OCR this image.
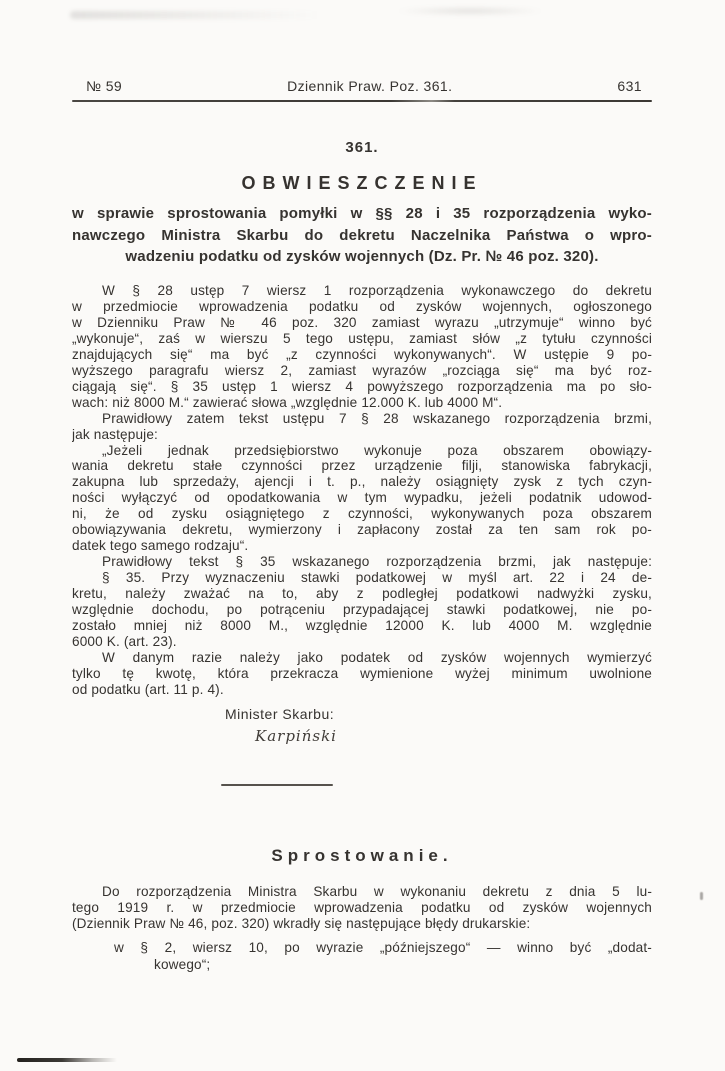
№ 59	Dziennik Praw. Poz. 361.	631
361.
OBWIESZCZENIE
w sprawie sprostowania pomyłki w §§ 28 i 35 rozporządzenia wyko-
nawczego Ministra Skarbu do dekretu Naczelnika Państwa o wpro-
wadzeniu podatku od zysków wojennych (Dz. Pr. № 46 poz. 320).
W § 28 ustęp 7 wiersz 1 rozporządzenia wykonawczego do dekretu
w przedmiocie wprowadzenia podatku od zysków wojennych, ogłoszonego
w Dzienniku Praw № 46 poz. 320 zamiast wyrazu „utrzymuje“ winno być
„wykonuje“, zaś w wierszu 5 tego ustępu, zamiast słów „z tytułu czynności
znajdujących się“ ma być „z czynności wykonywanych“. W ustępie 9 po-
wyższego paragrafu wiersz 2, zamiast wyrazów „rozciąga się“ ma być roz-
ciągają się“. § 35 ustęp 1 wiersz 4 powyższego rozporządzenia ma po sło-
wach: niż 8000 M.“ zawierać słowa „względnie 12.000 K. lub 4000 M“.
Prawidłowy zatem tekst ustępu 7 § 28 wskazanego rozporządzenia brzmi,
jak następuje:
„Jeżeli jednak przedsiębiorstwo wykonuje poza obszarem obowiązy-
wania dekretu stałe czynności przez urządzenie filji, stanowiska fabrykacji,
zakupna lub sprzedaży, ajencji i t. p., należy osiągnięty zysk z tych czyn-
ności wyłączyć od opodatkowania w tym wypadku, jeżeli podatnik udowod-
ni, że od zysku osiągniętego z czynności, wykonywanych poza obszarem
obowiązywania dekretu, wymierzony i zapłacony został za ten sam rok po-
datek tego samego rodzaju“.
Prawidłowy tekst § 35 wskazanego rozporządzenia brzmi, jak następuje:
§ 35. Przy wyznaczeniu stawki podatkowej w myśl art. 22 i 24 de-
kretu, należy zważać na to, aby z podległej podatkowi nadwyżki zysku,
względnie dochodu, po potrąceniu przypadającej stawki podatkowej, nie po-
zostało mniej niż 8000 M., względnie 12000 K. lub 4000 M. względnie
6000 K. (art. 23).
W danym razie należy jako podatek od zysków wojennych wymierzyć
tylko tę kwotę, która przekracza wymienione wyżej minimum uwolnione
od podatku (art. 11 p. 4).
Minister Skarbu:
Karpiński
Sprostowanie.
Do rozporządzenia Ministra Skarbu w wykonaniu dekretu z dnia 5 lu-
tego 1919 r. w przedmiocie wprowadzenia podatku od zysków wojennych
(Dziennik Praw № 46, poz. 320) wkradły się następujące błędy drukarskie:
w § 2, wiersz 10, po wyrazie „późniejszego“ — winno być „dodat-
kowego“;
